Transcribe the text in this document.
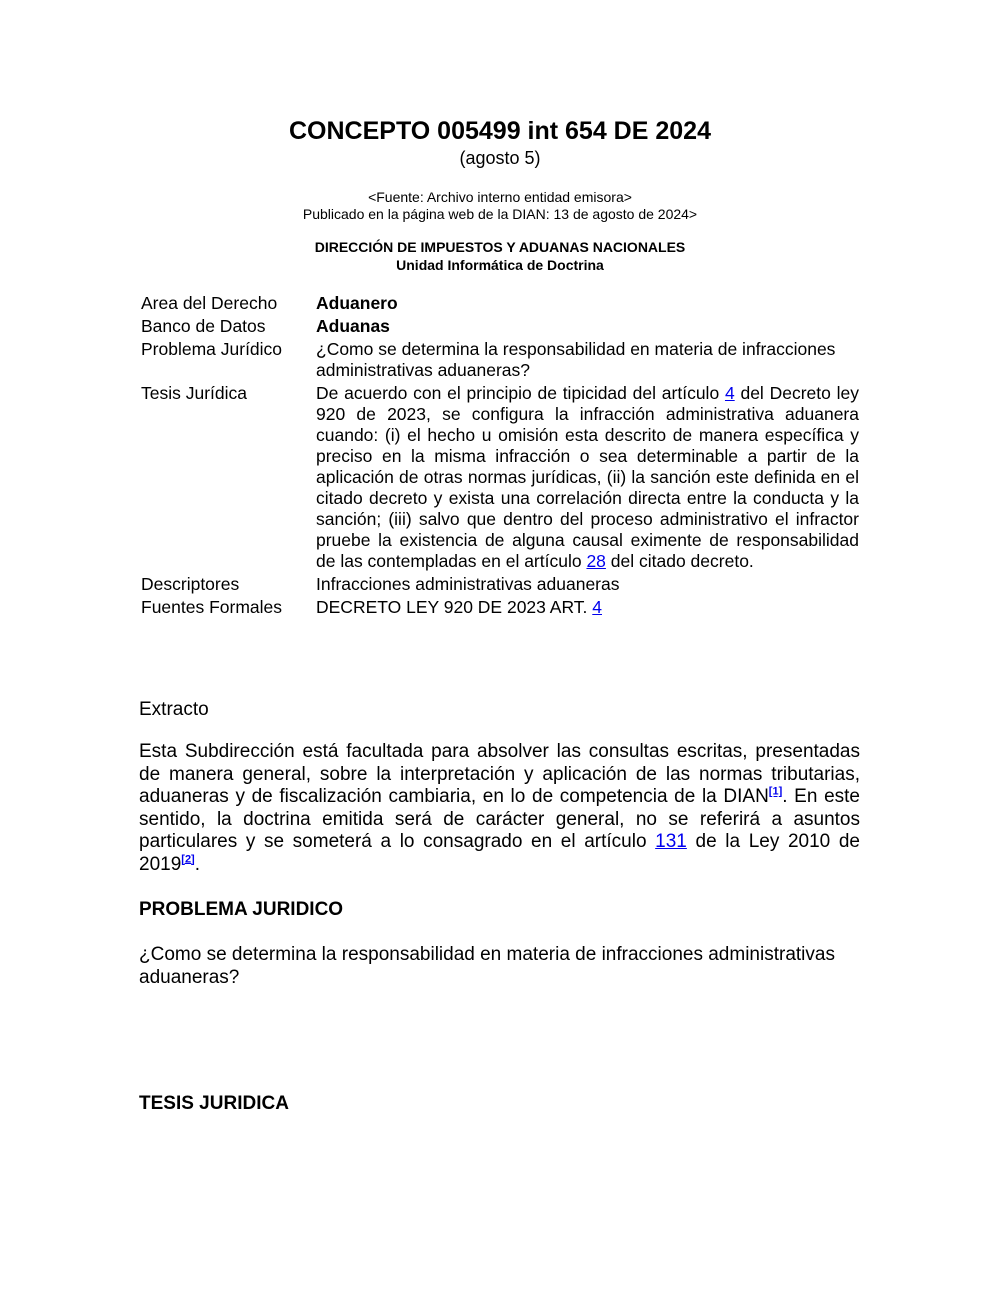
CONCEPTO 005499 int 654 DE 2024
(agosto 5)
<Fuente: Archivo interno entidad emisora>
Publicado en la página web de la DIAN: 13 de agosto de 2024>
DIRECCIÓN DE IMPUESTOS Y ADUANAS NACIONALES
Unidad Informática de Doctrina
Area del Derecho	Aduanero
Banco de Datos	Aduanas
Problema Jurídico	¿Como se determina la responsabilidad en materia de infracciones administrativas aduaneras?
Tesis Jurídica	De acuerdo con el principio de tipicidad del artículo 4 del Decreto ley 920 de 2023, se configura la infracción administrativa aduanera cuando: (i) el hecho u omisión esta descrito de manera específica y preciso en la misma infracción o sea determinable a partir de la aplicación de otras normas jurídicas, (ii) la sanción este definida en el citado decreto y exista una correlación directa entre la conducta y la sanción; (iii) salvo que dentro del proceso administrativo el infractor pruebe la existencia de alguna causal eximente de responsabilidad de las contempladas en el artículo 28 del citado decreto.
Descriptores	Infracciones administrativas aduaneras
Fuentes Formales	DECRETO LEY 920 DE 2023 ART. 4
Extracto
Esta Subdirección está facultada para absolver las consultas escritas, presentadas de manera general, sobre la interpretación y aplicación de las normas tributarias, aduaneras y de fiscalización cambiaria, en lo de competencia de la DIAN[1]. En este sentido, la doctrina emitida será de carácter general, no se referirá a asuntos particulares y se someterá a lo consagrado en el artículo 131 de la Ley 2010 de 2019[2].
PROBLEMA JURIDICO
¿Como se determina la responsabilidad en materia de infracciones administrativas aduaneras?
TESIS JURIDICA
